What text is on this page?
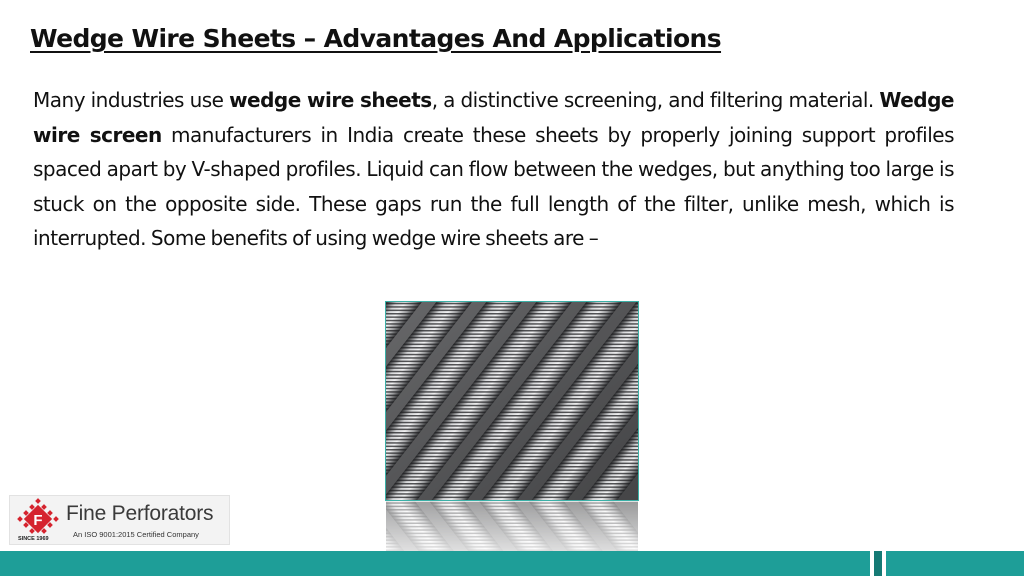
Wedge Wire Sheets – Advantages And Applications
Many industries use wedge wire sheets, a distinctive screening, and filtering material. Wedge wire screen manufacturers in India create these sheets by properly joining support profiles spaced apart by V-shaped profiles. Liquid can flow between the wedges, but anything too large is stuck on the opposite side. These gaps run the full length of the filter, unlike mesh, which is interrupted. Some benefits of using wedge wire sheets are –
F Fine Perforators
An ISO 9001:2015 Certified Company
SINCE 1969
